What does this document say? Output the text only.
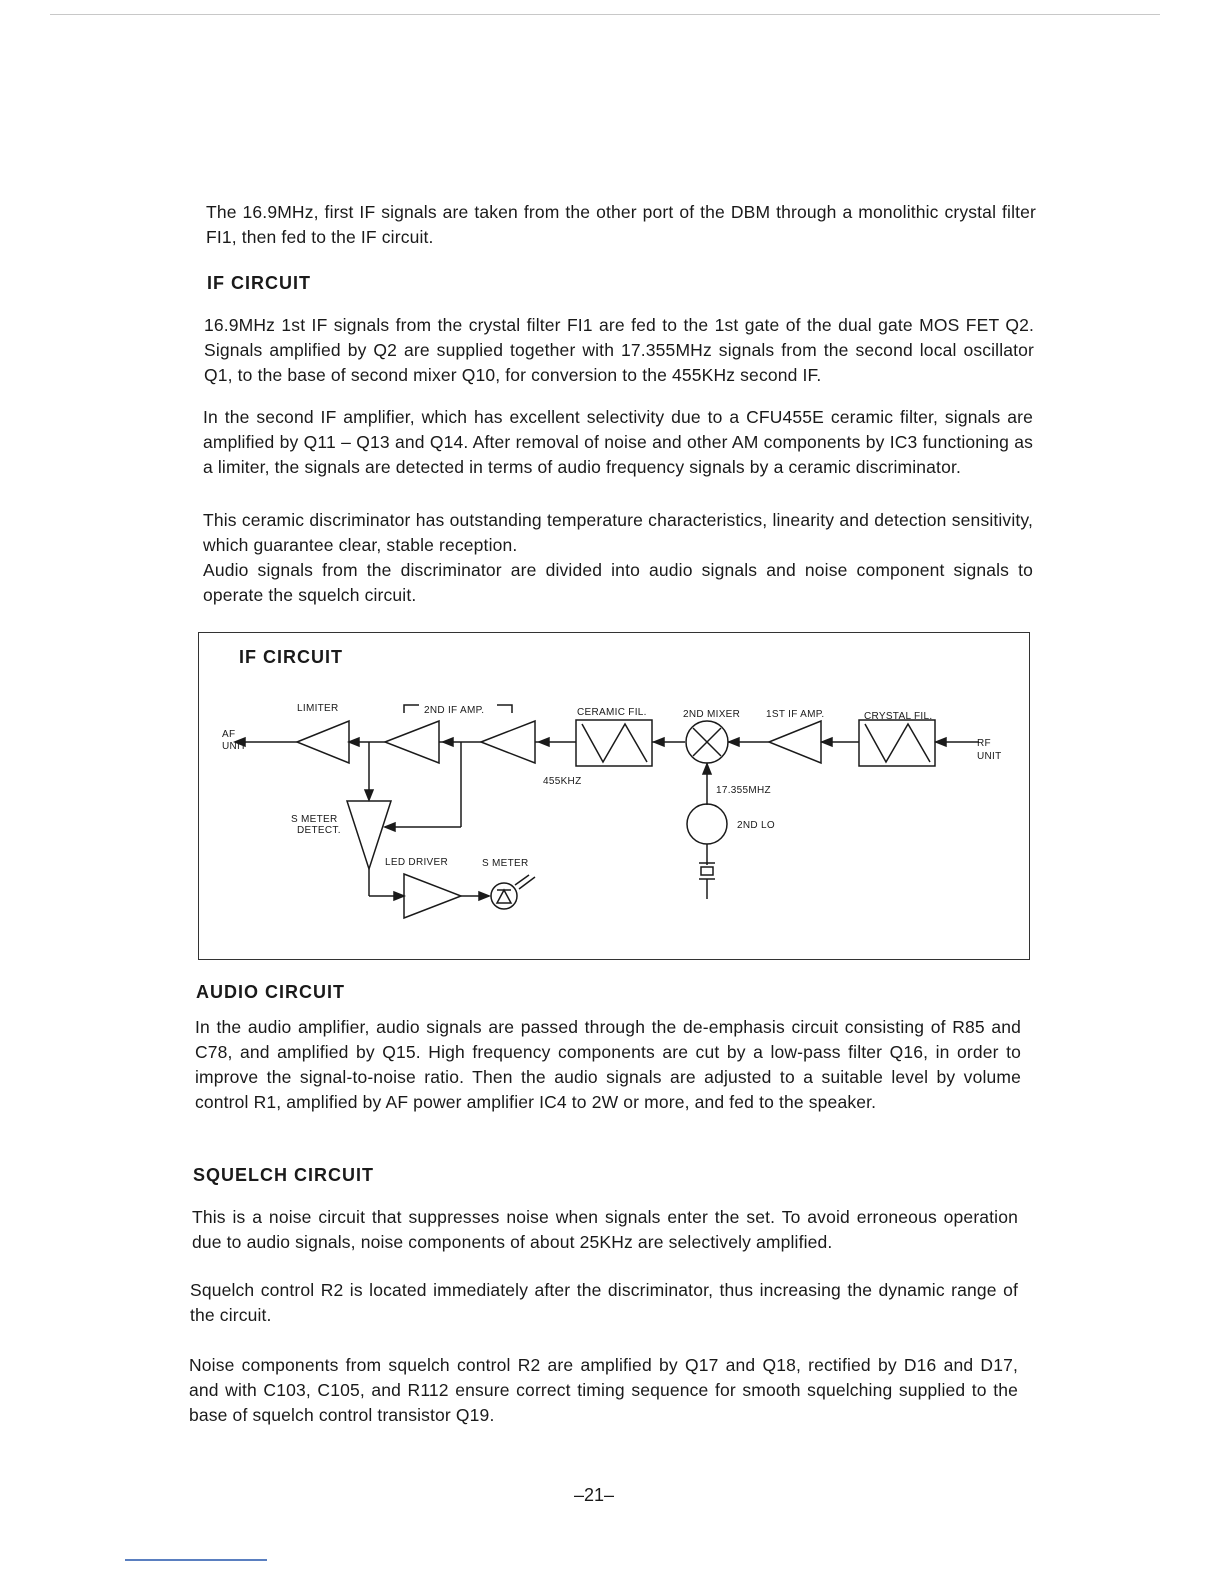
The 16.9MHz, first IF signals are taken from the other port of the DBM through a monolithic crystal filter FI1, then fed to the IF circuit.

IF CIRCUIT

16.9MHz 1st IF signals from the crystal filter FI1 are fed to the 1st gate of the dual gate MOS FET Q2. Signals amplified by Q2 are supplied together with 17.355MHz signals from the second local oscillator Q1, to the base of second mixer Q10, for conversion to the 455KHz second IF.

In the second IF amplifier, which has excellent selectivity due to a CFU455E ceramic filter, signals are amplified by Q11 – Q13 and Q14. After removal of noise and other AM components by IC3 functioning as a limiter, the signals are detected in terms of audio frequency signals by a ceramic discriminator.

This ceramic discriminator has outstanding temperature characteristics, linearity and detection sensitivity, which guarantee clear, stable reception.

Audio signals from the discriminator are divided into audio signals and noise component signals to operate the squelch circuit.

IF CIRCUIT
AF
UNIT
LIMITER	2ND IF AMP.	CERAMIC FIL.	2ND MIXER	1ST IF AMP.	CRYSTAL FIL.
RF
UNIT
455KHZ
17.355MHZ
2ND LO
S METER
DETECT.
LED DRIVER	S METER
AUDIO CIRCUIT

In the audio amplifier, audio signals are passed through the de-emphasis circuit consisting of R85 and C78, and amplified by Q15. High frequency components are cut by a low-pass filter Q16, in order to improve the signal-to-noise ratio. Then the audio signals are adjusted to a suitable level by volume control R1, amplified by AF power amplifier IC4 to 2W or more, and fed to the speaker.

SQUELCH CIRCUIT

This is a noise circuit that suppresses noise when signals enter the set. To avoid erroneous operation due to audio signals, noise components of about 25KHz are selectively amplified.

Squelch control R2 is located immediately after the discriminator, thus increasing the dynamic range of the circuit.

Noise components from squelch control R2 are amplified by Q17 and Q18, rectified by D16 and D17, and with C103, C105, and R112 ensure correct timing sequence for smooth squelching supplied to the base of squelch control transistor Q19.

–21–
